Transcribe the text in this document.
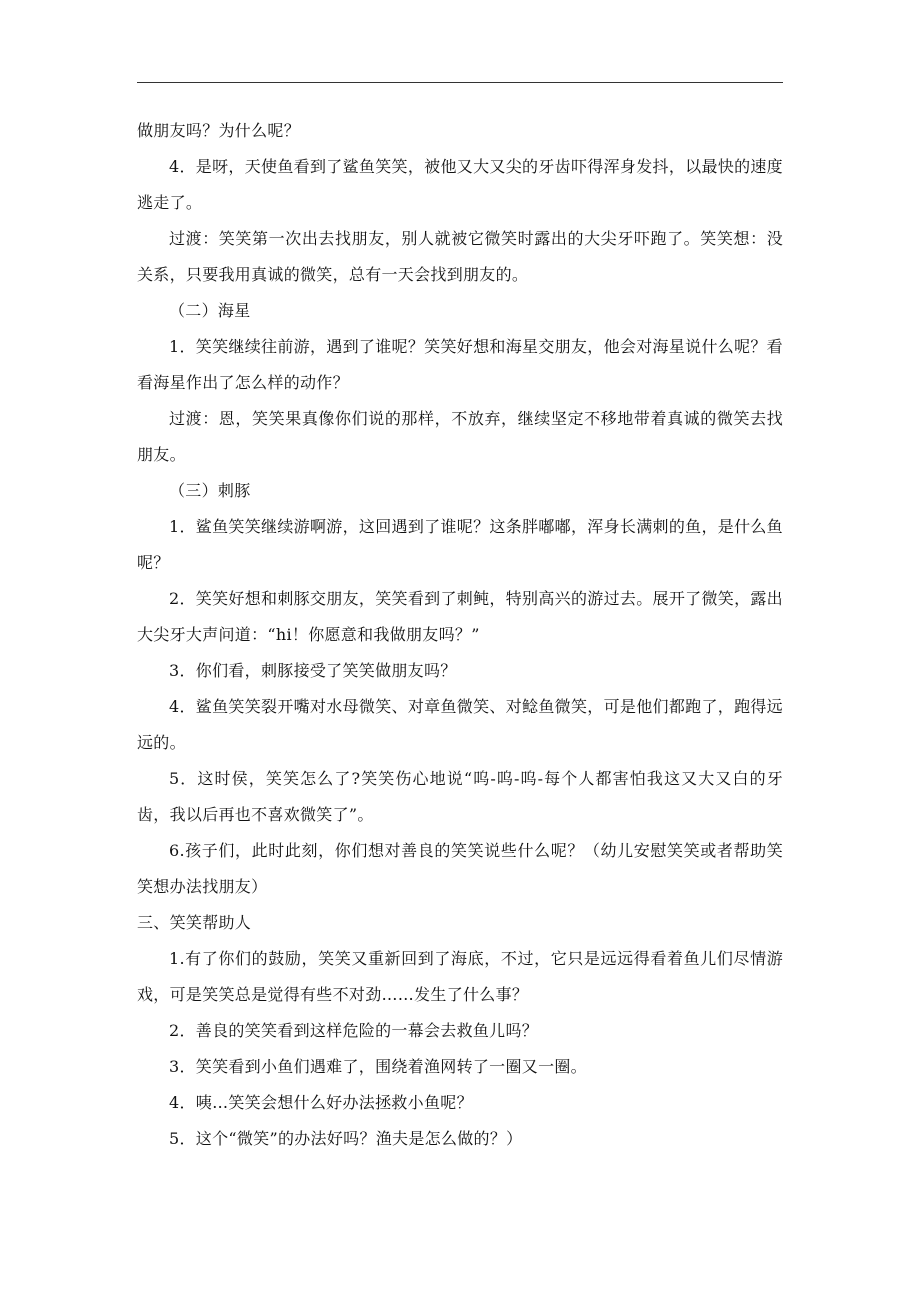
做朋友吗？为什么呢？

4．是呀，天使鱼看到了鲨鱼笑笑，被他又大又尖的牙齿吓得浑身发抖，以最快的速度逃走了。

过渡：笑笑第一次出去找朋友，别人就被它微笑时露出的大尖牙吓跑了。笑笑想：没关系，只要我用真诚的微笑，总有一天会找到朋友的。

（二）海星

1．笑笑继续往前游，遇到了谁呢？笑笑好想和海星交朋友，他会对海星说什么呢？看看海星作出了怎么样的动作？

过渡：恩，笑笑果真像你们说的那样，不放弃，继续坚定不移地带着真诚的微笑去找朋友。

（三）刺豚

1．鲨鱼笑笑继续游啊游，这回遇到了谁呢？这条胖嘟嘟，浑身长满刺的鱼，是什么鱼呢？

2．笑笑好想和刺豚交朋友，笑笑看到了刺鲀，特别高兴的游过去。展开了微笑，露出大尖牙大声问道：“hi！你愿意和我做朋友吗？”

3．你们看，刺豚接受了笑笑做朋友吗？

4．鲨鱼笑笑裂开嘴对水母微笑、对章鱼微笑、对鲶鱼微笑，可是他们都跑了，跑得远远的。

5．这时侯，笑笑怎么了?笑笑伤心地说“呜-呜-呜-每个人都害怕我这又大又白的牙齿，我以后再也不喜欢微笑了”。

6.孩子们，此时此刻，你们想对善良的笑笑说些什么呢？（幼儿安慰笑笑或者帮助笑笑想办法找朋友）

三、笑笑帮助人

1.有了你们的鼓励，笑笑又重新回到了海底，不过，它只是远远得看着鱼儿们尽情游戏，可是笑笑总是觉得有些不对劲……发生了什么事？

2．善良的笑笑看到这样危险的一幕会去救鱼儿吗？

3．笑笑看到小鱼们遇难了，围绕着渔网转了一圈又一圈。

4．咦…笑笑会想什么好办法拯救小鱼呢？

5．这个“微笑”的办法好吗？渔夫是怎么做的？）
